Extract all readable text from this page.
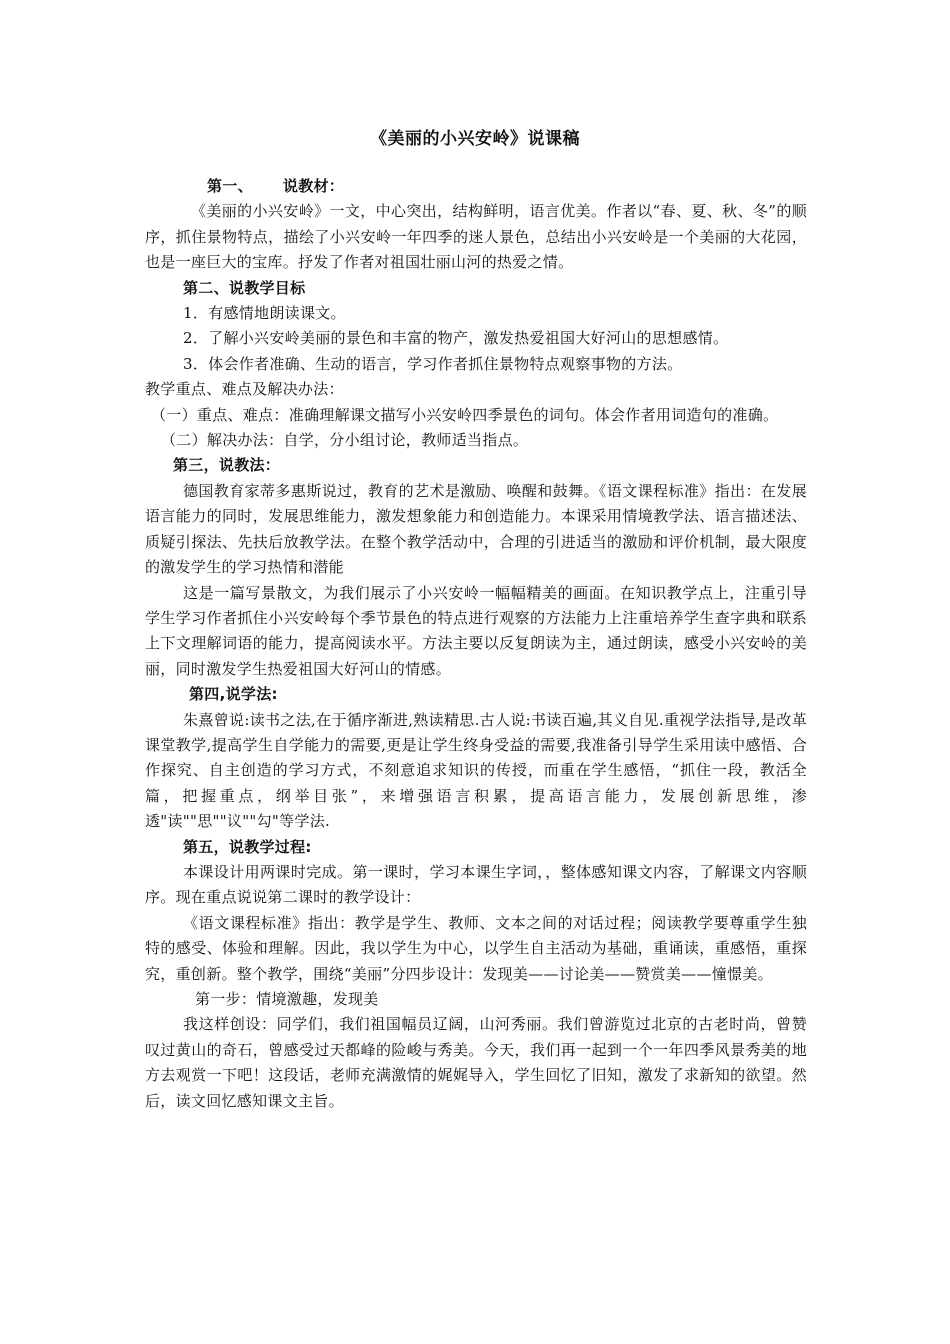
《美丽的小兴安岭》说课稿

第一、 说教材：

《美丽的小兴安岭》一文，中心突出，结构鲜明，语言优美。作者以“春、夏、秋、冬”的顺序，抓住景物特点，描绘了小兴安岭一年四季的迷人景色，总结出小兴安岭是一个美丽的大花园，也是一座巨大的宝库。抒发了作者对祖国壮丽山河的热爱之情。

第二、说教学目标

1．有感情地朗读课文。

2．了解小兴安岭美丽的景色和丰富的物产，激发热爱祖国大好河山的思想感情。

3．体会作者准确、生动的语言，学习作者抓住景物特点观察事物的方法。

教学重点、难点及解决办法：

（一）重点、难点：准确理解课文描写小兴安岭四季景色的词句。体会作者用词造句的准确。

（二）解决办法：自学，分小组讨论，教师适当指点。

第三，说教法：

德国教育家蒂多惠斯说过，教育的艺术是激励、唤醒和鼓舞。《语文课程标准》指出：在发展语言能力的同时，发展思维能力，激发想象能力和创造能力。本课采用情境教学法、语言描述法、质疑引探法、先扶后放教学法。在整个教学活动中，合理的引进适当的激励和评价机制，最大限度的激发学生的学习热情和潜能

这是一篇写景散文，为我们展示了小兴安岭一幅幅精美的画面。在知识教学点上，注重引导学生学习作者抓住小兴安岭每个季节景色的特点进行观察的方法能力上注重培养学生查字典和联系上下文理解词语的能力，提高阅读水平。方法主要以反复朗读为主，通过朗读，感受小兴安岭的美丽，同时激发学生热爱祖国大好河山的情感。

第四,说学法:

朱熹曾说:读书之法,在于循序渐进,熟读精思.古人说:书读百遍,其义自见.重视学法指导,是改革课堂教学,提高学生自学能力的需要,更是让学生终身受益的需要,我准备引导学生采用读中感悟、合作探究、自主创造的学习方式，不刻意追求知识的传授，而重在学生感悟，“抓住一段，教活全篇，把握重点，纲举目张”，来增强语言积累，提高语言能力，发展创新思维，渗透"读""思""议""勾"等学法.

第五，说教学过程:

本课设计用两课时完成。第一课时，学习本课生字词，，整体感知课文内容，了解课文内容顺序。现在重点说说第二课时的教学设计：

《语文课程标准》指出：教学是学生、教师、文本之间的对话过程；阅读教学要尊重学生独特的感受、体验和理解。因此，我以学生为中心，以学生自主活动为基础，重诵读，重感悟，重探究，重创新。整个教学，围绕“美丽”分四步设计：发现美——讨论美——赞赏美——憧憬美。

第一步：情境激趣，发现美

我这样创设：同学们，我们祖国幅员辽阔，山河秀丽。我们曾游览过北京的古老时尚，曾赞叹过黄山的奇石，曾感受过天都峰的险峻与秀美。今天，我们再一起到一个一年四季风景秀美的地方去观赏一下吧！这段话，老师充满激情的娓娓导入，学生回忆了旧知，激发了求新知的欲望。然后，读文回忆感知课文主旨。
